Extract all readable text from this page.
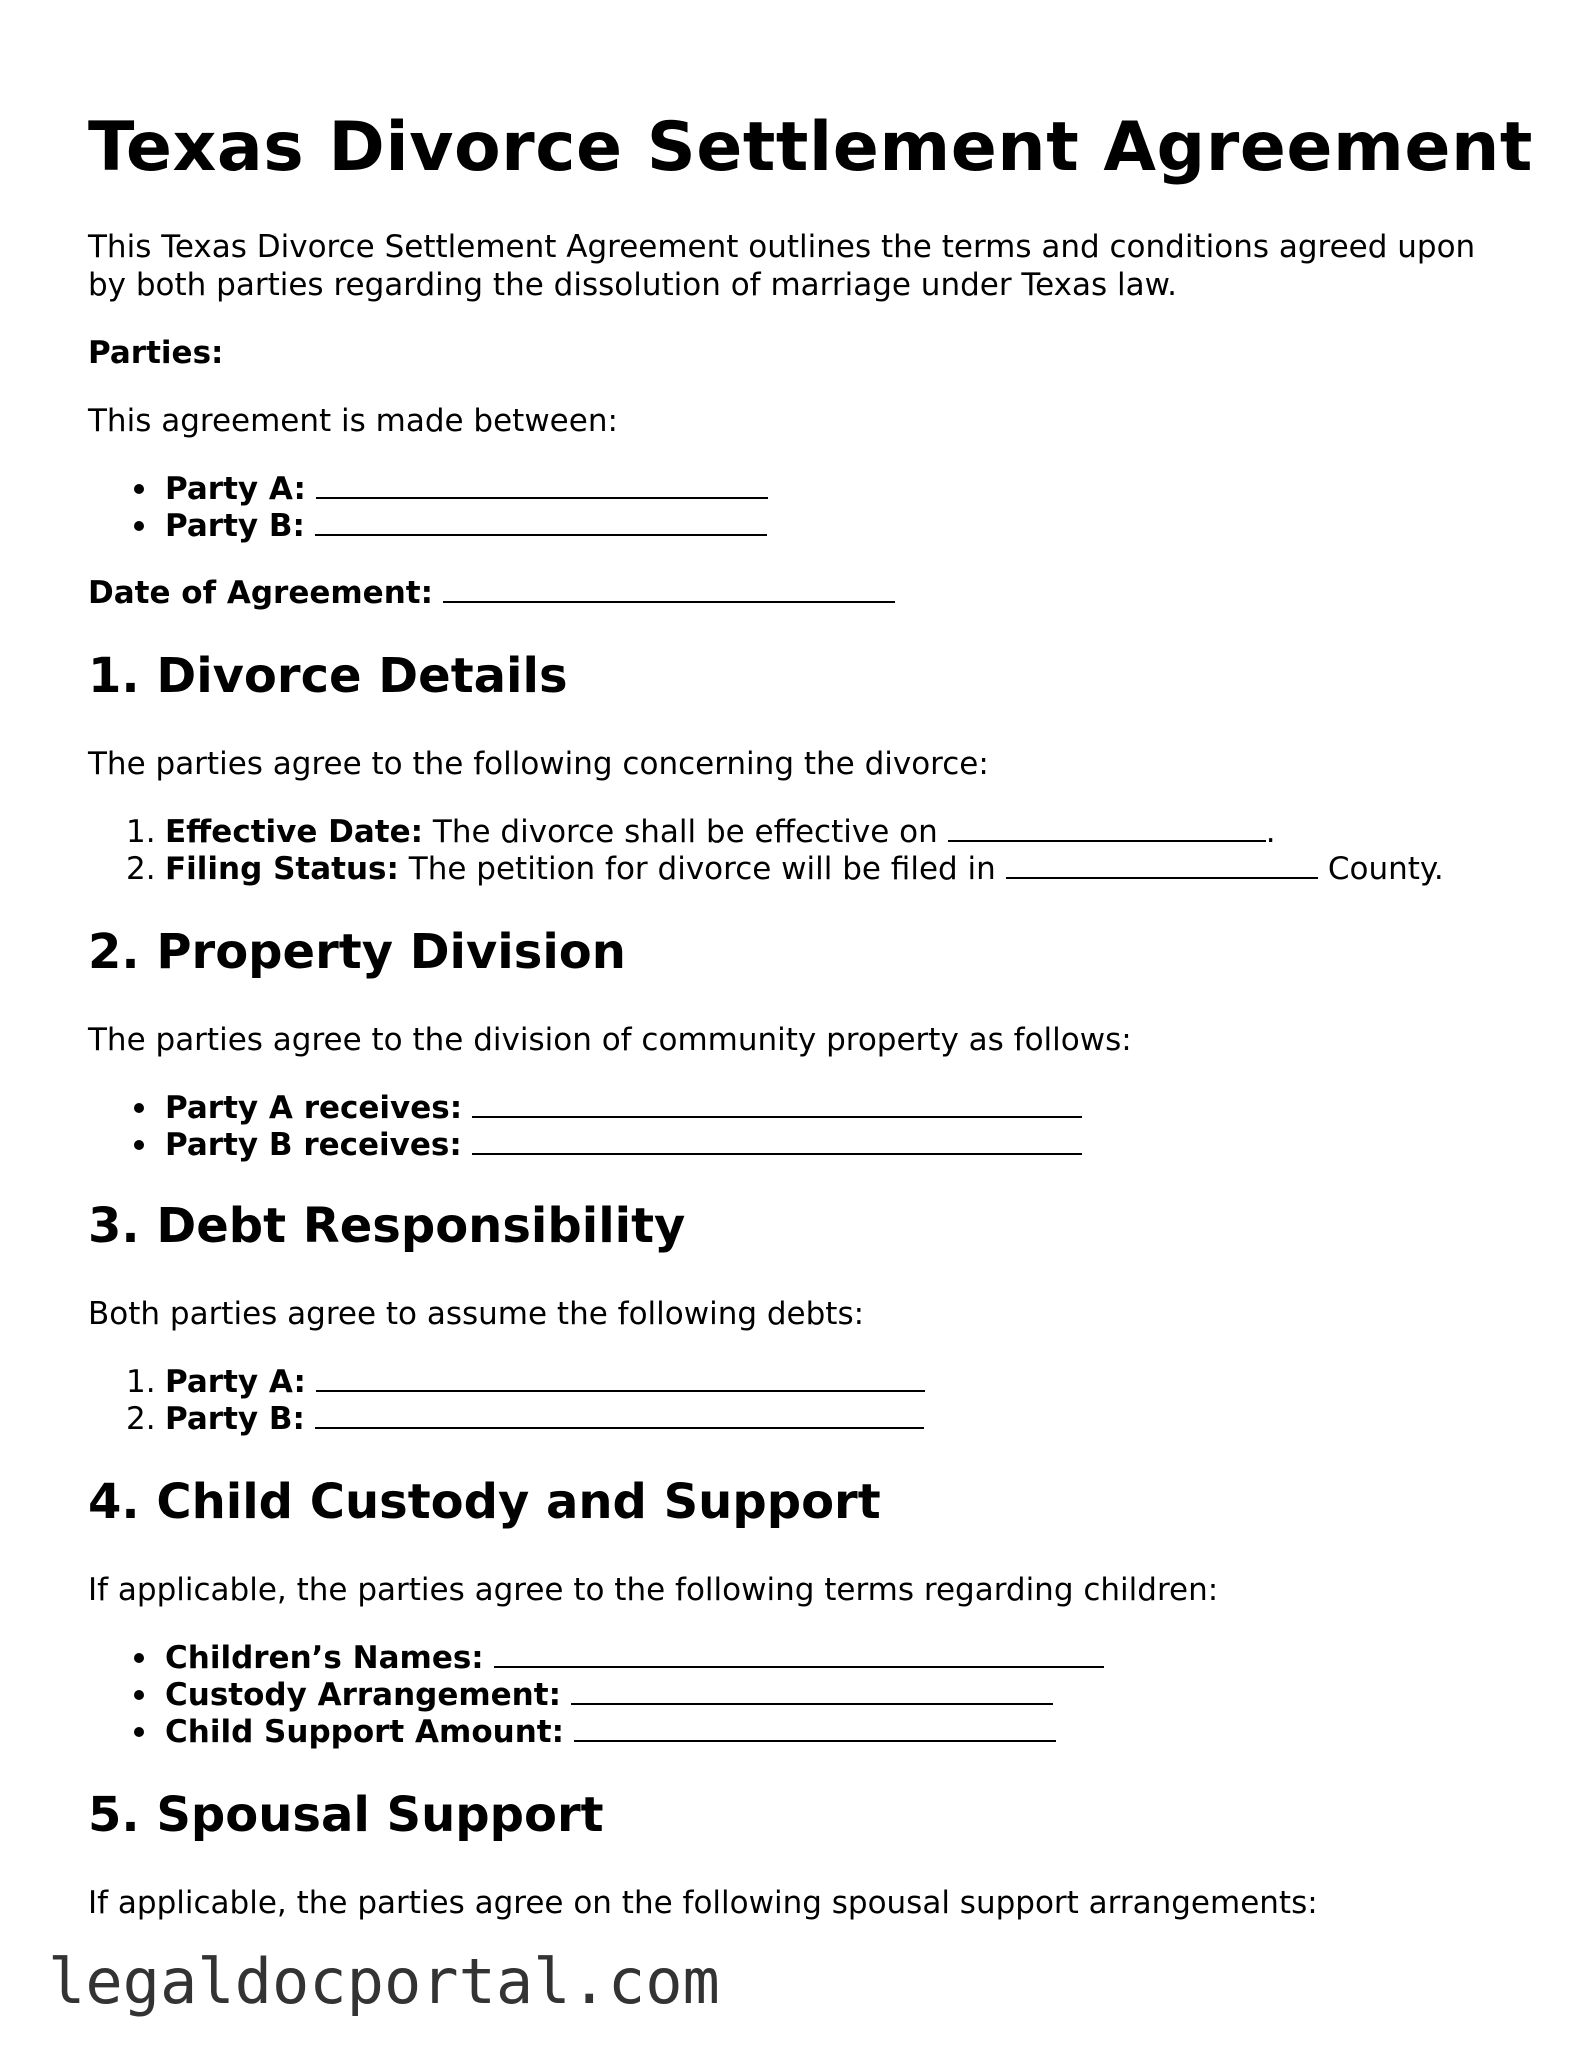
Texas Divorce Settlement Agreement

This Texas Divorce Settlement Agreement outlines the terms and conditions agreed upon

by both parties regarding the dissolution of marriage under Texas law.

Parties:

This agreement is made between:

Party A:

Party B:

Date of Agreement:

1. Divorce Details

The parties agree to the following concerning the divorce:

1. Effective Date: The divorce shall be effective on	.

2. Filing Status: The petition for divorce will be filed in	County.

2. Property Division

The parties agree to the division of community property as follows:

Party A receives:

Party B receives:

3. Debt Responsibility

Both parties agree to assume the following debts:

1. Party A:

2. Party B:

4. Child Custody and Support

If applicable, the parties agree to the following terms regarding children:

Children’s Names:

Custody Arrangement:

Child Support Amount:

5. Spousal Support

If applicable, the parties agree on the following spousal support arrangements:

legaldocportal.com
